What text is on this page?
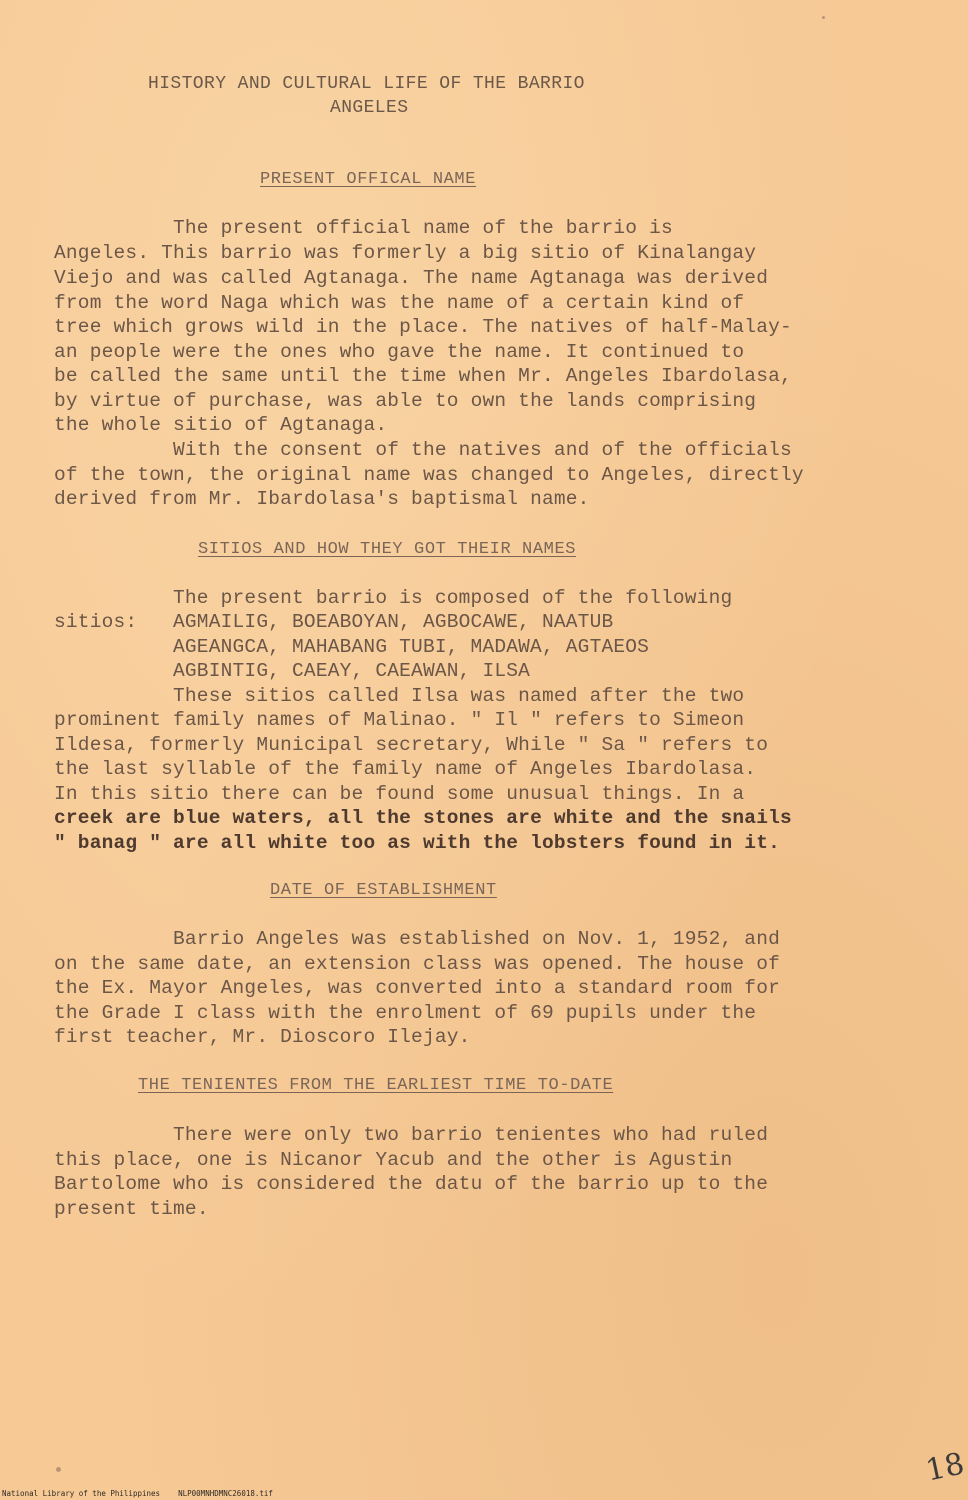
HISTORY AND CULTURAL LIFE OF THE BARRIO
ANGELES
PRESENT OFFICAL NAME
The present official name of the barrio is
Angeles. This barrio was formerly a big sitio of Kinalangay
Viejo and was called Agtanaga. The name Agtanaga was derived
from the word Naga which was the name of a certain kind of
tree which grows wild in the place. The natives of half-Malay-
an people were the ones who gave the name. It continued to
be called the same until the time when Mr. Angeles Ibardolasa,
by virtue of purchase, was able to own the lands comprising
the whole sitio of Agtanaga.
With the consent of the natives and of the officials
of the town, the original name was changed to Angeles, directly
derived from Mr. Ibardolasa's baptismal name.
SITIOS AND HOW THEY GOT THEIR NAMES
The present barrio is composed of the following
sitios: AGMAILIG, BOEABOYAN, AGBOCAWE, NAATUB
AGEANGCA, MAHABANG TUBI, MADAWA, AGTAEOS
AGBINTIG, CAEAY, CAEAWAN, ILSA
These sitios called Ilsa was named after the two
prominent family names of Malinao. " Il " refers to Simeon
Ildesa, formerly Municipal secretary, While " Sa " refers to
the last syllable of the family name of Angeles Ibardolasa.
In this sitio there can be found some unusual things. In a
creek are blue waters, all the stones are white and the snails
" banag " are all white too as with the lobsters found in it.
DATE OF ESTABLISHMENT
Barrio Angeles was established on Nov. 1, 1952, and
on the same date, an extension class was opened. The house of
the Ex. Mayor Angeles, was converted into a standard room for
the Grade I class with the enrolment of 69 pupils under the
first teacher, Mr. Dioscoro Ilejay.
THE TENIENTES FROM THE EARLIEST TIME TO-DATE
There were only two barrio tenientes who had ruled
this place, one is Nicanor Yacub and the other is Agustin
Bartolome who is considered the datu of the barrio up to the
present time.
18
National Library of the Philippines NLP00MNHDMNC26018.tif
